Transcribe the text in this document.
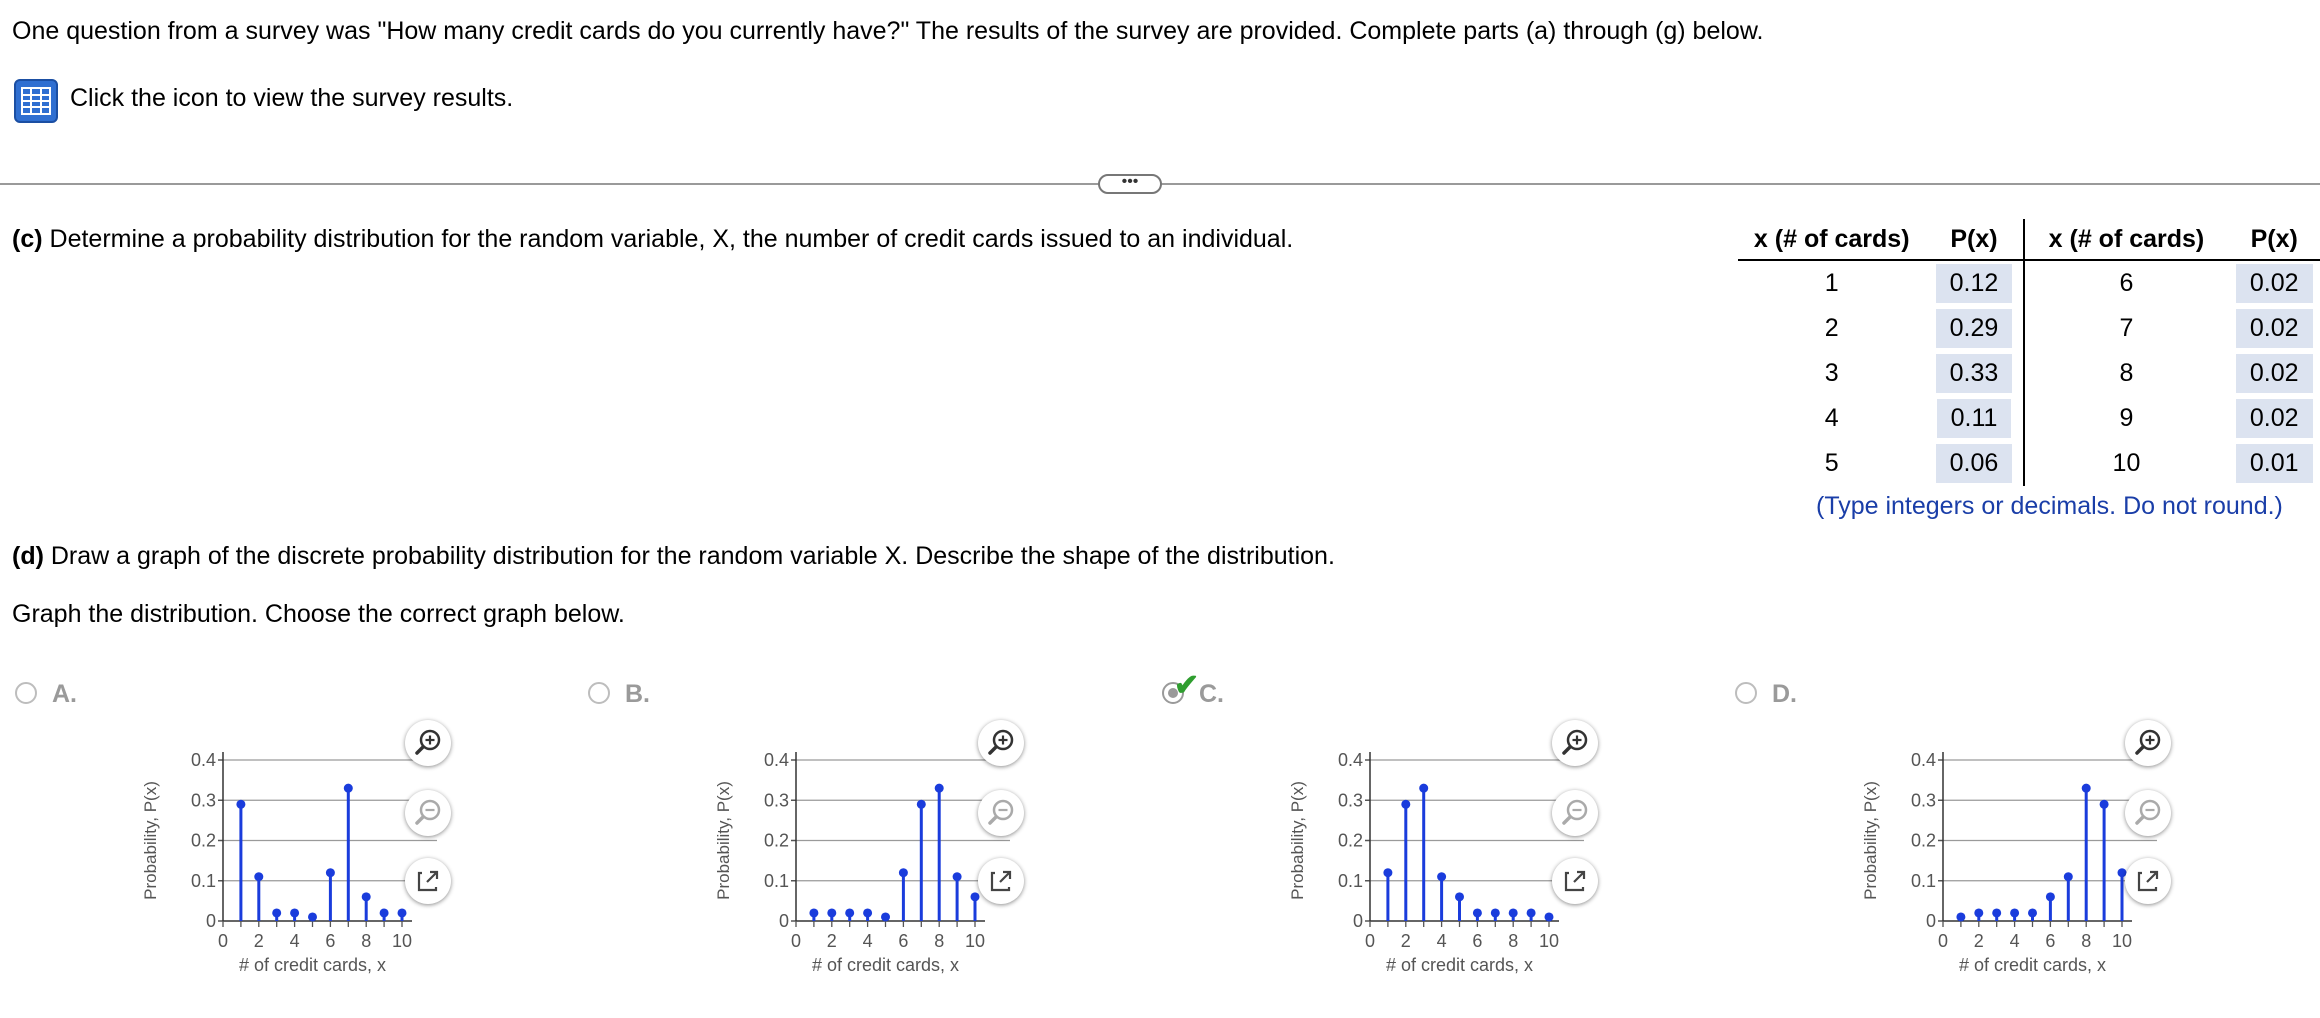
One question from a survey was "How many credit cards do you currently have?" The results of the survey are provided. Complete parts (a) through (g) below.
Click the icon to view the survey results.
•••
(c) Determine a probability distribution for the random variable, X, the number of credit cards issued to an individual.	x (# of cards)	P(x)	x (# of cards)	P(x)
1	0.12	6	0.02
2	0.29	7	0.02
3	0.33	8	0.02
4	0.11	9	0.02
5	0.06	10	0.01
(Type integers or decimals. Do not round.)
(d) Draw a graph of the discrete probability distribution for the random variable X. Describe the shape of the distribution.
Graph the distribution. Choose the correct graph below.
A.
Probability, P(x)
0
0.1
0.2
0.3
0.4
0 2 4 6 8 10
# of credit cards, x
B.
Probability, P(x)
0
0.1
0.2
0.3
0.4
0 2 4 6 8 10
# of credit cards, x
✔ C.
Probability, P(x)
0
0.1
0.2
0.3
0.4
0 2 4 6 8 10
# of credit cards, x
D.
Probability, P(x)
0
0.1
0.2
0.3
0.4
0 2 4 6 8 10
# of credit cards, x
